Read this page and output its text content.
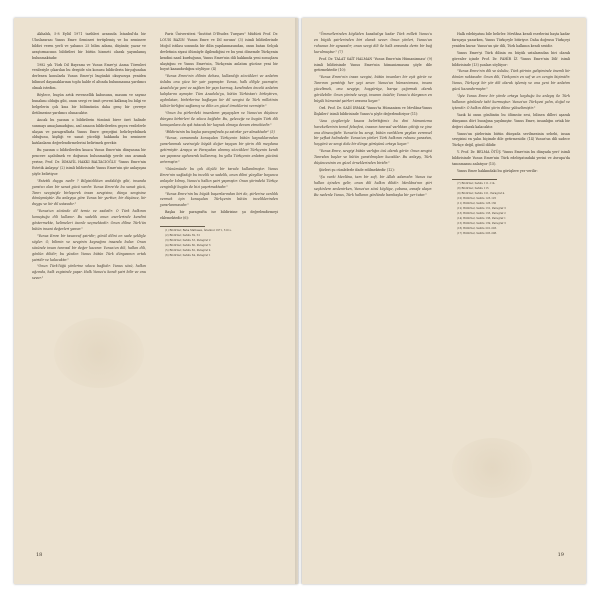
Akhalsk, 5-8 Eylül 1971 tarihleri arasında İstanbul'da bir Uluslararası Yunus Emre Semineri tertiplemiş ve bu seminere bildiri veren yerli ve yabancı 25 bilim adamı, düşünür, yazar ve araştırmacının bildirileri bir bütün hizmeti olarak yayımlamış bulunmaktadır.

1982 yılı Türk Dil Bayramı ve Yunus Emre'yi Anma Törenleri vesilesiyle çıkarılan bu dergide söz konusu bildirilerin birçoğundan derlenen konularla Yunus Emre'yi bugünkü okuyucuya yeniden bilimsel dayanaklarının toplu halde el altında bulunmasına yardımcı olmak istedim.

Böylece, bugün artık evrensellik kabusunu, masum ve sayısız bunalımı olduğu gibi, onun sevgi ve ümit çevresi kalkmış bu bilgi ve belgelerin çok kısa bir bölümünün daha genç bir çevreye iletilmesine yardımcı olunacaktır.

Ancak bu yazının o bildirilerin tümünü birer özet halinde sunmayı amaçlamadığını, asıl amacın bildirilerden geçen vesilelerle ulaşan ve paragraflarla Yunus Emre gerçeğini belirleyebilmek olduğunu, kişiliği ve sanat yüceliği hakkında bu seminere katılanların değerlendirmelerini belirtmek gerekir.

Bu yazının o bildirilerden kısaca Yunus Emre'nin dünyasına bir pencere açabilmek ve doğunun bulunmadığı yerde onu aramak yerine, Prof. Dr. İSMAYİL HAKKI BALTACIOĞLU 'Yunus Emre'nin Estetik Anlayışı' (2) isimli bildirisinde Yunus Emre'nin şiir anlayışını şöyle belirtiyor:

"Estetik duygu nedir ? Bilgisizlikten andaldığı gibi, insanda yaratıcı olan bir sanat gücü vardır. Yunus Emre'de bu sanat gücü, Tanrı sevgisiyle birleşerek insan sevgisine, dünya sevgisine dönüşmüştür. Bu anlayışa göre Yunus bir yurttur, bir düşünce, bir duygu ve bir dil ustasıdır."

"Yunus'un sözünde dil temiz ve sadedir. O Türk halkının konuştuğu dili kullanır. Bu sadelik onun eserlerinde kendini göstermekte, kelimeleri özenle seçmektedir. Onun diline Türk'ün bütün insani değerleri yansır."

"Yunus Emre bir tasavvuf şairidir; gönül dilini en sade şekliyle söyler. O, bilimin ve sevginin kaynağını insanda bulur. Onun sözünde insan tanrısal bir değer kazanır. Yunus'un dili, halkın dili, gönlün dilidir; bu yüzden Yunus bütün Türk dünyasının ortak şairidir ve kalacaktır."

"Onun Türk'lüğü şiirlerine sıkıca bağlıdır. Yunus sözü, halkın ağzında, halk ezgisinde yaşar. Halk Yunus'u kendi şairi bilir ve onu sever."

Paris Üniversitesi "İnstitut D'Etudes Turques" Müdürü Prof. Dr. LOUIS BAZIN 'Yunus Emre ve Dil sorunu' (3) isimli bildirilerinde Moğol istilası sonunda bir dilin yapılanmasından, onun batan Selçuk devletinin siyasi ölümüyle ilgilendiğini ve bu yeni dönemde Türkçenin kendini nasıl kurduğunu, Yunus Emre'nin dili hakkında yeni sonuçlara ulaştığını ve Yunus Emre'nin, Türkçenin anlatım gücüne yeni bir boyut kazandırdığını söylüyor. (4)

"Yunus Emre'nin dilinin dehası, kullandığı sözcükleri ve anlatım üslubu onu yüce bir şair yapmıştır. Yunus, halk diliyle yazmıştır, Anadolu'ya yeni ve sağlam bir yapı kurmuş, kendinden önceki anlatım kalıplarını aşmıştır. Tüm Anadolu'yu, bütün Türkistan'ı birleştiren, aydınlatan, birbirlerine bağlayan bir dil sevgisi ile Türk milletinin kültür birliğini sağlamış ve dilin en güzel örneklerini vermiştir."

"Onun bu şiirlerdeki insanların yaşayışları ve Yunus'un düşünce dünyası birbirleri ile sıkıca bağlıdır. Bu, geleceğe ve bugün Türk dili konuşanlara da ışık tutacak bir kaynak olmaya devam etmektedir."

"Bildirisinin bu başka paragrafında şu satırlar yer almaktadır" (5)

"Yunus, zamanında konuşulan Türkçenin bütün kaynaklarından yararlanmak sevinciyle büyük değer taşıyan bir şiirin dili meydana getirmiştir. Arapça ve Farsçadan alınmış sözcükleri Türkçenin kendi ses yapısına uydurarak kullanmış, bu yolla Türkçenin anlatım gücünü artırmıştır."

"Günümüzde bu çok ölçülü bir tarzda kullanılmıştır. Yunus Emre'nin sağladığı bu incelik ve sadelik, onun dilini yüzyıllar boyunca anlaşılır kılmış, Yunus'u halkın şairi yapmıştır. Onun şiirindeki Türkçe zenginliği bugün de bizi şaşırtmaktadır."

"Yunus Emre'nin bu büyük başarılarından biri de, şiirlerine canlılık vermek için konuşulan Türkçenin bütün inceliklerinden yararlanmasıdır."

Başka bir paragrafta ise bildirisine şu değerlendirmeyi eklemektedir (6):

(1) Bildiriler, Baha Matbaası, İstanbul 1971, 510 s.

(2) Bildiriler, Sahife 39, 52

(3) Bildiriler, Sahife 53, Paragraf 2

(4) Bildiriler, Sahife 60, Paragraf 3

(5) Bildiriler, Sahife 62, Paragraf 4

(6) Bildiriler, Sahife 64, Paragraf 1

18

"Ümmetlerinden köylüden kasabalıya kadar Türk milleti Yunus'u en büyük şairlerinden biri olarak sever. Onun şiirleri, Yunus'un ruhunun bir aynasıdır; onun sevgi dili ile halk arasında derin bir bağ kurulmuştur." (7)

Prof. Dr. TALAT SAİT HALMAN 'Yunus Emre'nin Hümanizması' (9) isimli bildirisinde Yunus Emre'nin hümanizmasını şöyle dile getirmektedir (10):

"Yunus Emre'nin insan sevgisi, bütün insanları bir eşit görür ve Tanrının yarattığı her şeyi sever. Yunus'un hümanizması, insanı yüceltmek, onu sevgiye, hoşgörüye, barışa çağırmak olarak görülebilir. Onun şiirinde sevgi, insanın özüdür; Yunus'u dünyanın en büyük hümanist şairleri arasına koyar."

Ord. Prof. Dr. SADİ IRMAK 'Yunus'ta Hümanizm ve Mevlâna-Yunus İlişkileri' isimli bildirisinde Yunus'u şöyle değerlendiriyor (11):

"Ana çizgileriyle kısaca belirttiğimiz bu dini hümanizma hareketlerinin temel felsefesi, insanın tanrısal varlıktan çıktığı ve yine ona döneceğidir. Yunus'ta bu sevgi, bütün varlıklara yayılan evrensel bir şefkat halindedir. Yunus'un şiirleri Türk halkının ruhunu yansıtan, hoşgörü ve sevgi dolu bir dünya görüşünü ortaya koyar."

"Yunus Emre, sevgiyi bütün varlığın özü olarak görür. Onun sevgisi Tanrıdan başlar ve bütün yaratılmışları kucaklar. Bu anlayış, Türk düşüncesinin en güzel örneklerinden biridir."

Şiirleri şu cümlelerle ifade edilmektedir (12):

"Şu varki Mevlâna, tam bir sofi, bir Allah adamıdır. Yunus ise halkın içinden gelir, onun dili halkın dilidir. Mevlâna'nın şiiri seçkinlere seslenirken, Yunus'un sözü köylüye, çobana, esnafa ulaşır. Bu nedenle Yunus, Türk halkının gönlünde bambaşka bir yer tutar."

Halk edebiyatını bile belirler. Mevlâna kendi eserlerini başta kadar farsçaya yazarken, Yunus Türkçeyle bitiriyor. Daha doğrusu Türkçeyi yeniden kurar. Yunus'un şiir dili, Türk halkının kendi sesidir.

Yunus Emre'yi Türk dilinin en büyük ustalarından biri olarak görenler içinde Prof. Dr. FAHİR İZ 'Yunus Emre'nin Dili' isimli bildirisinde (13) şunları söylüyor:

"Yunus Emre'nin dili ve üslubu, Türk şiirinin gelişiminde önemli bir dönüm noktasıdır. Onun dili, Türkçenin en saf ve en zengin biçimidir. Yunus, Türkçeyi bir şiir dili olarak işlemiş ve ona yeni bir anlatım gücü kazandırmıştır."

"İşte Yunus Emre bir şiirde ortaya koyduğu bu anlayış ile Türk halkının gönlünde taht kurmuştur. Yunus'un Türkçesi yalın, doğal ve içtendir. O halkın dilini şiirin diline yükseltmiştir."

Yazık ki onun gönlünün bu ölümsüz sesi, bilinen dilleri aşarak dünyanın dört bucağına yayılmıştır. Yunus Emre, insanlığın ortak bir değeri olarak kalacaktır.

Yunus'un şiirlerinin bütün dünyada sevilmesinin sebebi, insan sevgisini en yalın biçimde dile getirmesidir. (14) Yunus'un dili sadece Türkçe değil, gönül dilidir.

Y. Prof. Dr. BELMA ÖTÜŞ 'Yunus Emre'nin bu dünyada yeri' isimli bildirisinde Yunus Emre'nin Türk edebiyatındaki yerini ve Avrupa'da tanınmasını anlatıyor (15).

Yunus Emre hakkındaki bu görüşlere yer verilir:

(7) Bildiriler, Sahife 111-114.

(8) Bildiriler, Sahife 115

(9) Bildiriler, Sahife 121, Paragraf 4.

(10) Bildiriler, Sahife 123-125

(11) Bildiriler, Sahife 126-130

(12) Bildiriler, Sahife 131, Paragraf 3

(13) Bildiriler, Sahife 133, Paragraf 2

(14) Bildiriler, Sahife 136, Paragraf 1

(15) Bildiriler, Sahife 139, Paragraf 3

(16) Bildiriler, Sahife 201-203.

(17) Bildiriler, Sahife 205-208.

19
